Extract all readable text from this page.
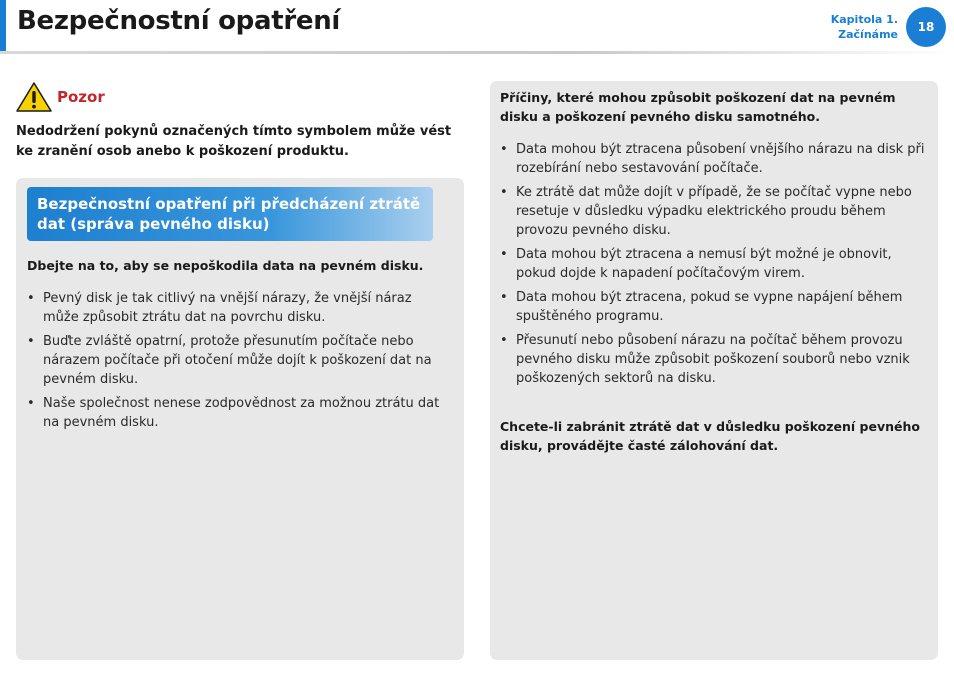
Bezpečnostní opatření	Kapitola 1.
Začínáme
18
Pozor
Nedodržení pokynů označených tímto symbolem může vést ke zranění osob anebo k poškození produktu.
Bezpečnostní opatření při předcházení ztrátě dat (správa pevného disku)
Dbejte na to, aby se nepoškodila data na pevném disku.
• Pevný disk je tak citlivý na vnější nárazy, že vnější náraz může způsobit ztrátu dat na povrchu disku.
• Buďte zvláště opatrní, protože přesunutím počítače nebo nárazem počítače při otočení může dojít k poškození dat na pevném disku.
• Naše společnost nenese zodpovědnost za možnou ztrátu dat na pevném disku.
Příčiny, které mohou způsobit poškození dat na pevném disku a poškození pevného disku samotného.
• Data mohou být ztracena působení vnějšího nárazu na disk při rozebírání nebo sestavování počítače.
• Ke ztrátě dat může dojít v případě, že se počítač vypne nebo resetuje v důsledku výpadku elektrického proudu během provozu pevného disku.
• Data mohou být ztracena a nemusí být možné je obnovit, pokud dojde k napadení počítačovým virem.
• Data mohou být ztracena, pokud se vypne napájení během spuštěného programu.
• Přesunutí nebo působení nárazu na počítač během provozu pevného disku může způsobit poškození souborů nebo vznik poškozených sektorů na disku.
Chcete-li zabránit ztrátě dat v důsledku poškození pevného disku, provádějte časté zálohování dat.
